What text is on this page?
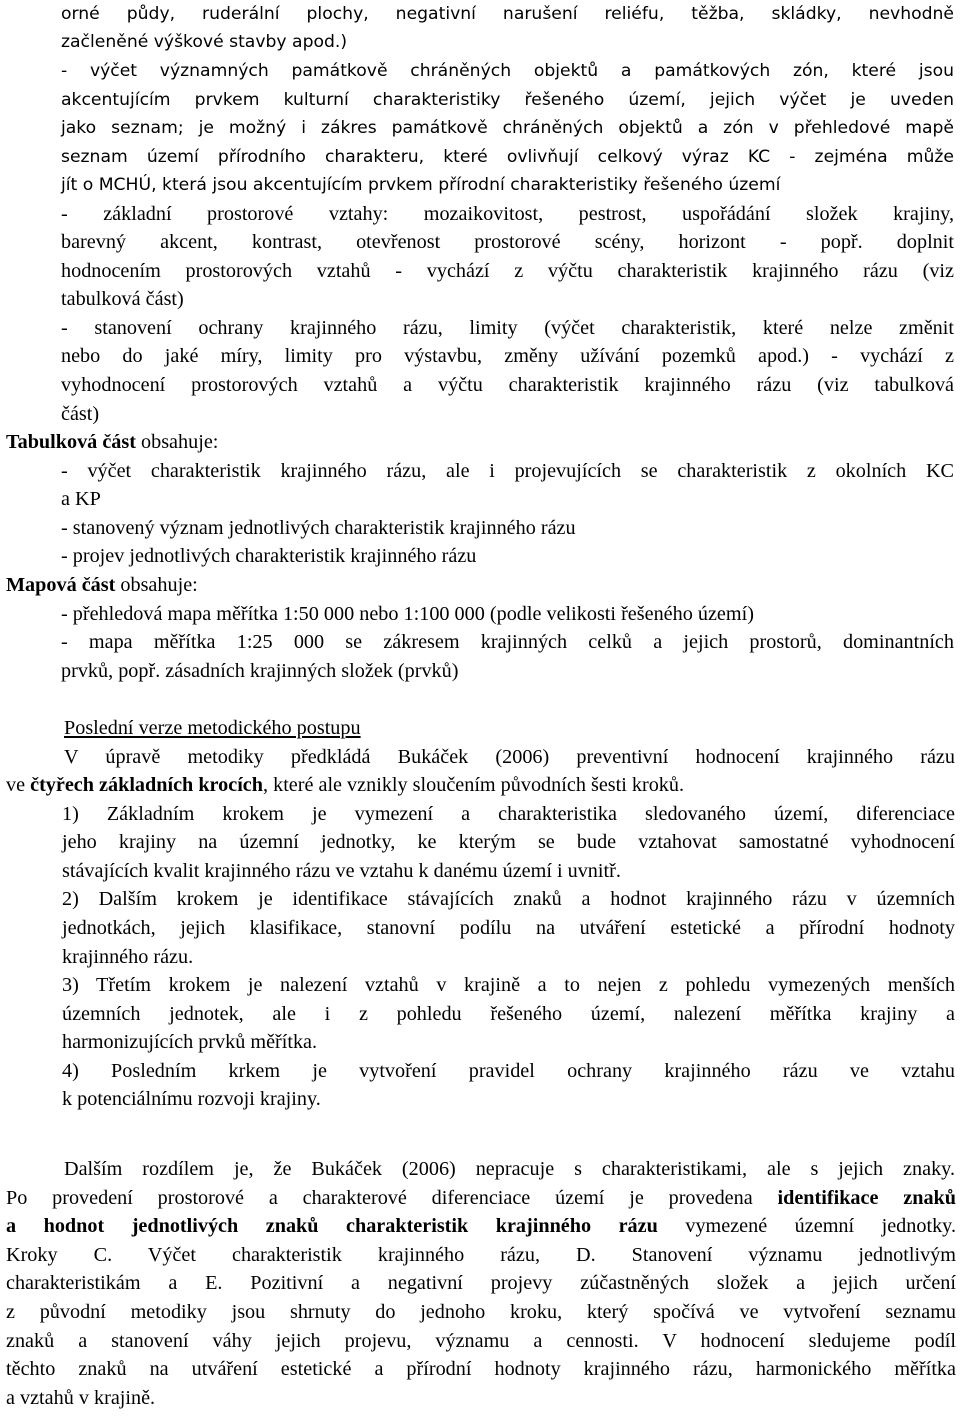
orné půdy, ruderální plochy, negativní narušení reliéfu, těžba, skládky, nevhodně
začleněné výškové stavby apod.)
- výčet významných památkově chráněných objektů a památkových zón, které jsou
akcentujícím prvkem kulturní charakteristiky řešeného území, jejich výčet je uveden
jako seznam; je možný i zákres památkově chráněných objektů a zón v přehledové mapě
seznam území přírodního charakteru, které ovlivňují celkový výraz KC - zejména může
jít o MCHÚ, která jsou akcentujícím prvkem přírodní charakteristiky řešeného území
- základní prostorové vztahy: mozaikovitost, pestrost, uspořádání složek krajiny,
barevný akcent, kontrast, otevřenost prostorové scény, horizont - popř. doplnit
hodnocením prostorových vztahů - vychází z výčtu charakteristik krajinného rázu (viz
tabulková část)
- stanovení ochrany krajinného rázu, limity (výčet charakteristik, které nelze změnit
nebo do jaké míry, limity pro výstavbu, změny užívání pozemků apod.) - vychází z
vyhodnocení prostorových vztahů a výčtu charakteristik krajinného rázu (viz tabulková
část)
Tabulková část obsahuje:
- výčet charakteristik krajinného rázu, ale i projevujících se charakteristik z okolních KC
a KP
- stanovený význam jednotlivých charakteristik krajinného rázu
- projev jednotlivých charakteristik krajinného rázu
Mapová část obsahuje:
- přehledová mapa měřítka 1:50 000 nebo 1:100 000 (podle velikosti řešeného území)
- mapa měřítka 1:25 000 se zákresem krajinných celků a jejich prostorů, dominantních
prvků, popř. zásadních krajinných složek (prvků)
Poslední verze metodického postupu
V úpravě metodiky předkládá Bukáček (2006) preventivní hodnocení krajinného rázu
ve čtyřech základních krocích, které ale vznikly sloučením původních šesti kroků.
1) Základním krokem je vymezení a charakteristika sledovaného území, diferenciace
jeho krajiny na územní jednotky, ke kterým se bude vztahovat samostatné vyhodnocení
stávajících kvalit krajinného rázu ve vztahu k danému území i uvnitř.
2) Dalším krokem je identifikace stávajících znaků a hodnot krajinného rázu v územních
jednotkách, jejich klasifikace, stanovní podílu na utváření estetické a přírodní hodnoty
krajinného rázu.
3) Třetím krokem je nalezení vztahů v krajině a to nejen z pohledu vymezených menších
územních jednotek, ale i z pohledu řešeného území, nalezení měřítka krajiny a
harmonizujících prvků měřítka.
4) Posledním krkem je vytvoření pravidel ochrany krajinného rázu ve vztahu
k potenciálnímu rozvoji krajiny.
Dalším rozdílem je, že Bukáček (2006) nepracuje s charakteristikami, ale s jejich znaky.
Po provedení prostorové a charakterové diferenciace území je provedena identifikace znaků
a hodnot jednotlivých znaků charakteristik krajinného rázu vymezené územní jednotky.
Kroky C. Výčet charakteristik krajinného rázu, D. Stanovení významu jednotlivým
charakteristikám a E. Pozitivní a negativní projevy zúčastněných složek a jejich určení
z původní metodiky jsou shrnuty do jednoho kroku, který spočívá ve vytvoření seznamu
znaků a stanovení váhy jejich projevu, významu a cennosti. V hodnocení sledujeme podíl
těchto znaků na utváření estetické a přírodní hodnoty krajinného rázu, harmonického měřítka
a vztahů v krajině.
